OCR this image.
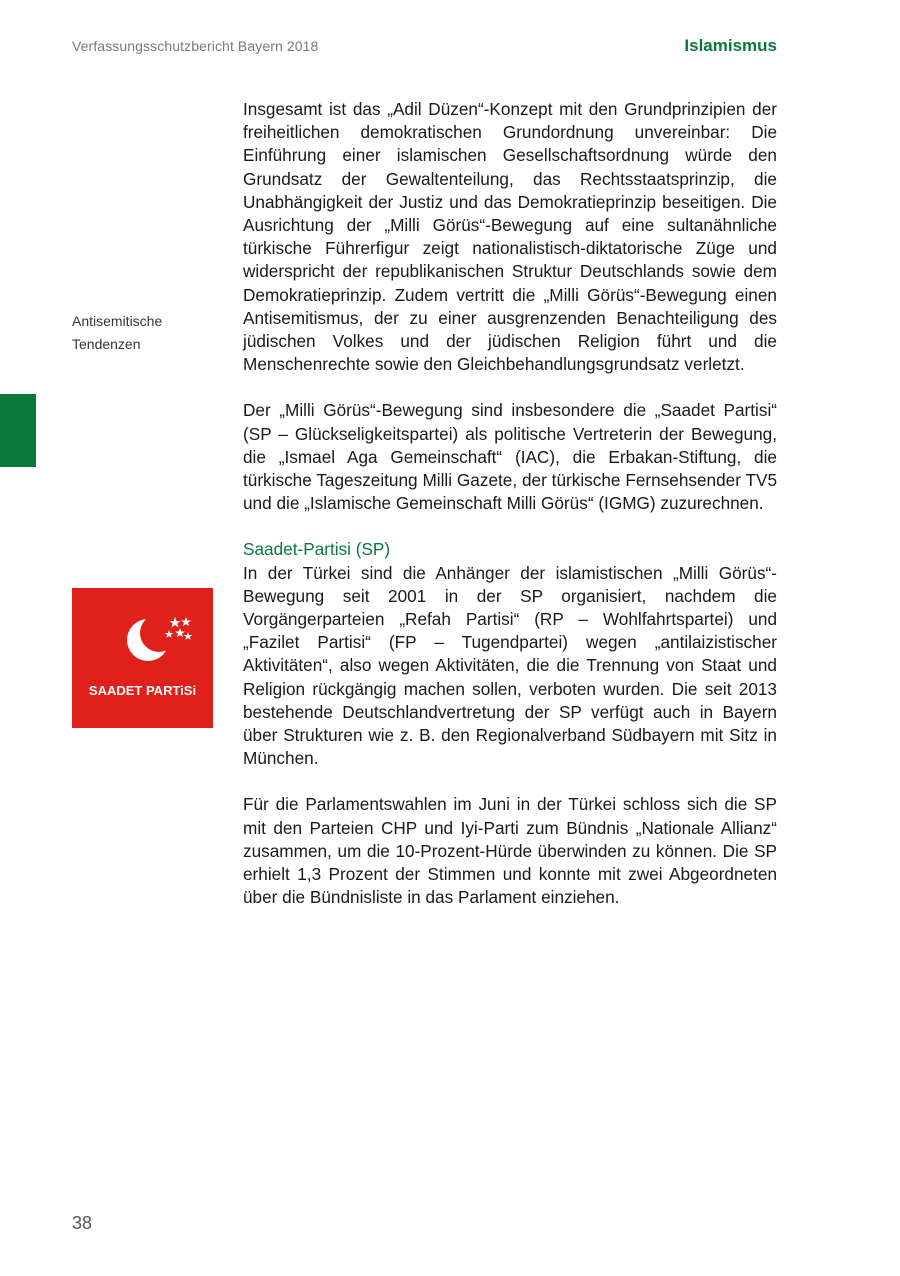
Verfassungsschutzbericht Bayern 2018	Islamismus
Antisemitische
Tendenzen
SAADET PARTiSi

Insgesamt ist das „Adil Düzen“-Konzept mit den Grundprinzipien der freiheitlichen demokratischen Grundordnung unvereinbar: Die Einführung einer islamischen Gesellschaftsordnung würde den Grundsatz der Gewaltenteilung, das Rechtsstaatsprinzip, die Unabhängigkeit der Justiz und das Demokratieprinzip beseitigen. Die Ausrichtung der „Milli Görüs“-Bewegung auf eine sultanähnliche türkische Führerfigur zeigt nationalistisch-diktatorische Züge und widerspricht der republikanischen Struktur Deutschlands sowie dem Demokratieprinzip. Zudem vertritt die „Milli Görüs“-Bewegung einen Antisemitismus, der zu einer ausgrenzenden Benachteiligung des jüdischen Volkes und der jüdischen Religion führt und die Menschenrechte sowie den Gleichbehandlungsgrundsatz verletzt.

Der „Milli Görüs“-Bewegung sind insbesondere die „Saadet Partisi“ (SP – Glückseligkeitspartei) als politische Vertreterin der Bewegung, die „Ismael Aga Gemeinschaft“ (IAC), die Erbakan-Stiftung, die türkische Tageszeitung Milli Gazete, der türkische Fernsehsender TV5 und die „Islamische Gemeinschaft Milli Görüs“ (IGMG) zuzurechnen.

Saadet-Partisi (SP)

In der Türkei sind die Anhänger der islamistischen „Milli Görüs“-Bewegung seit 2001 in der SP organisiert, nachdem die Vorgängerparteien „Refah Partisi“ (RP – Wohlfahrtspartei) und „Fazilet Partisi“ (FP – Tugendpartei) wegen „antilaizistischer Aktivitäten“, also wegen Aktivitäten, die die Trennung von Staat und Religion rückgängig machen sollen, verboten wurden. Die seit 2013 bestehende Deutschlandvertretung der SP verfügt auch in Bayern über Strukturen wie z. B. den Regionalverband Südbayern mit Sitz in München.

Für die Parlamentswahlen im Juni in der Türkei schloss sich die SP mit den Parteien CHP und Iyi-Parti zum Bündnis „Nationale Allianz“ zusammen, um die 10-Prozent-Hürde überwinden zu können. Die SP erhielt 1,3 Prozent der Stimmen und konnte mit zwei Abgeordneten über die Bündnisliste in das Parlament einziehen.

38
